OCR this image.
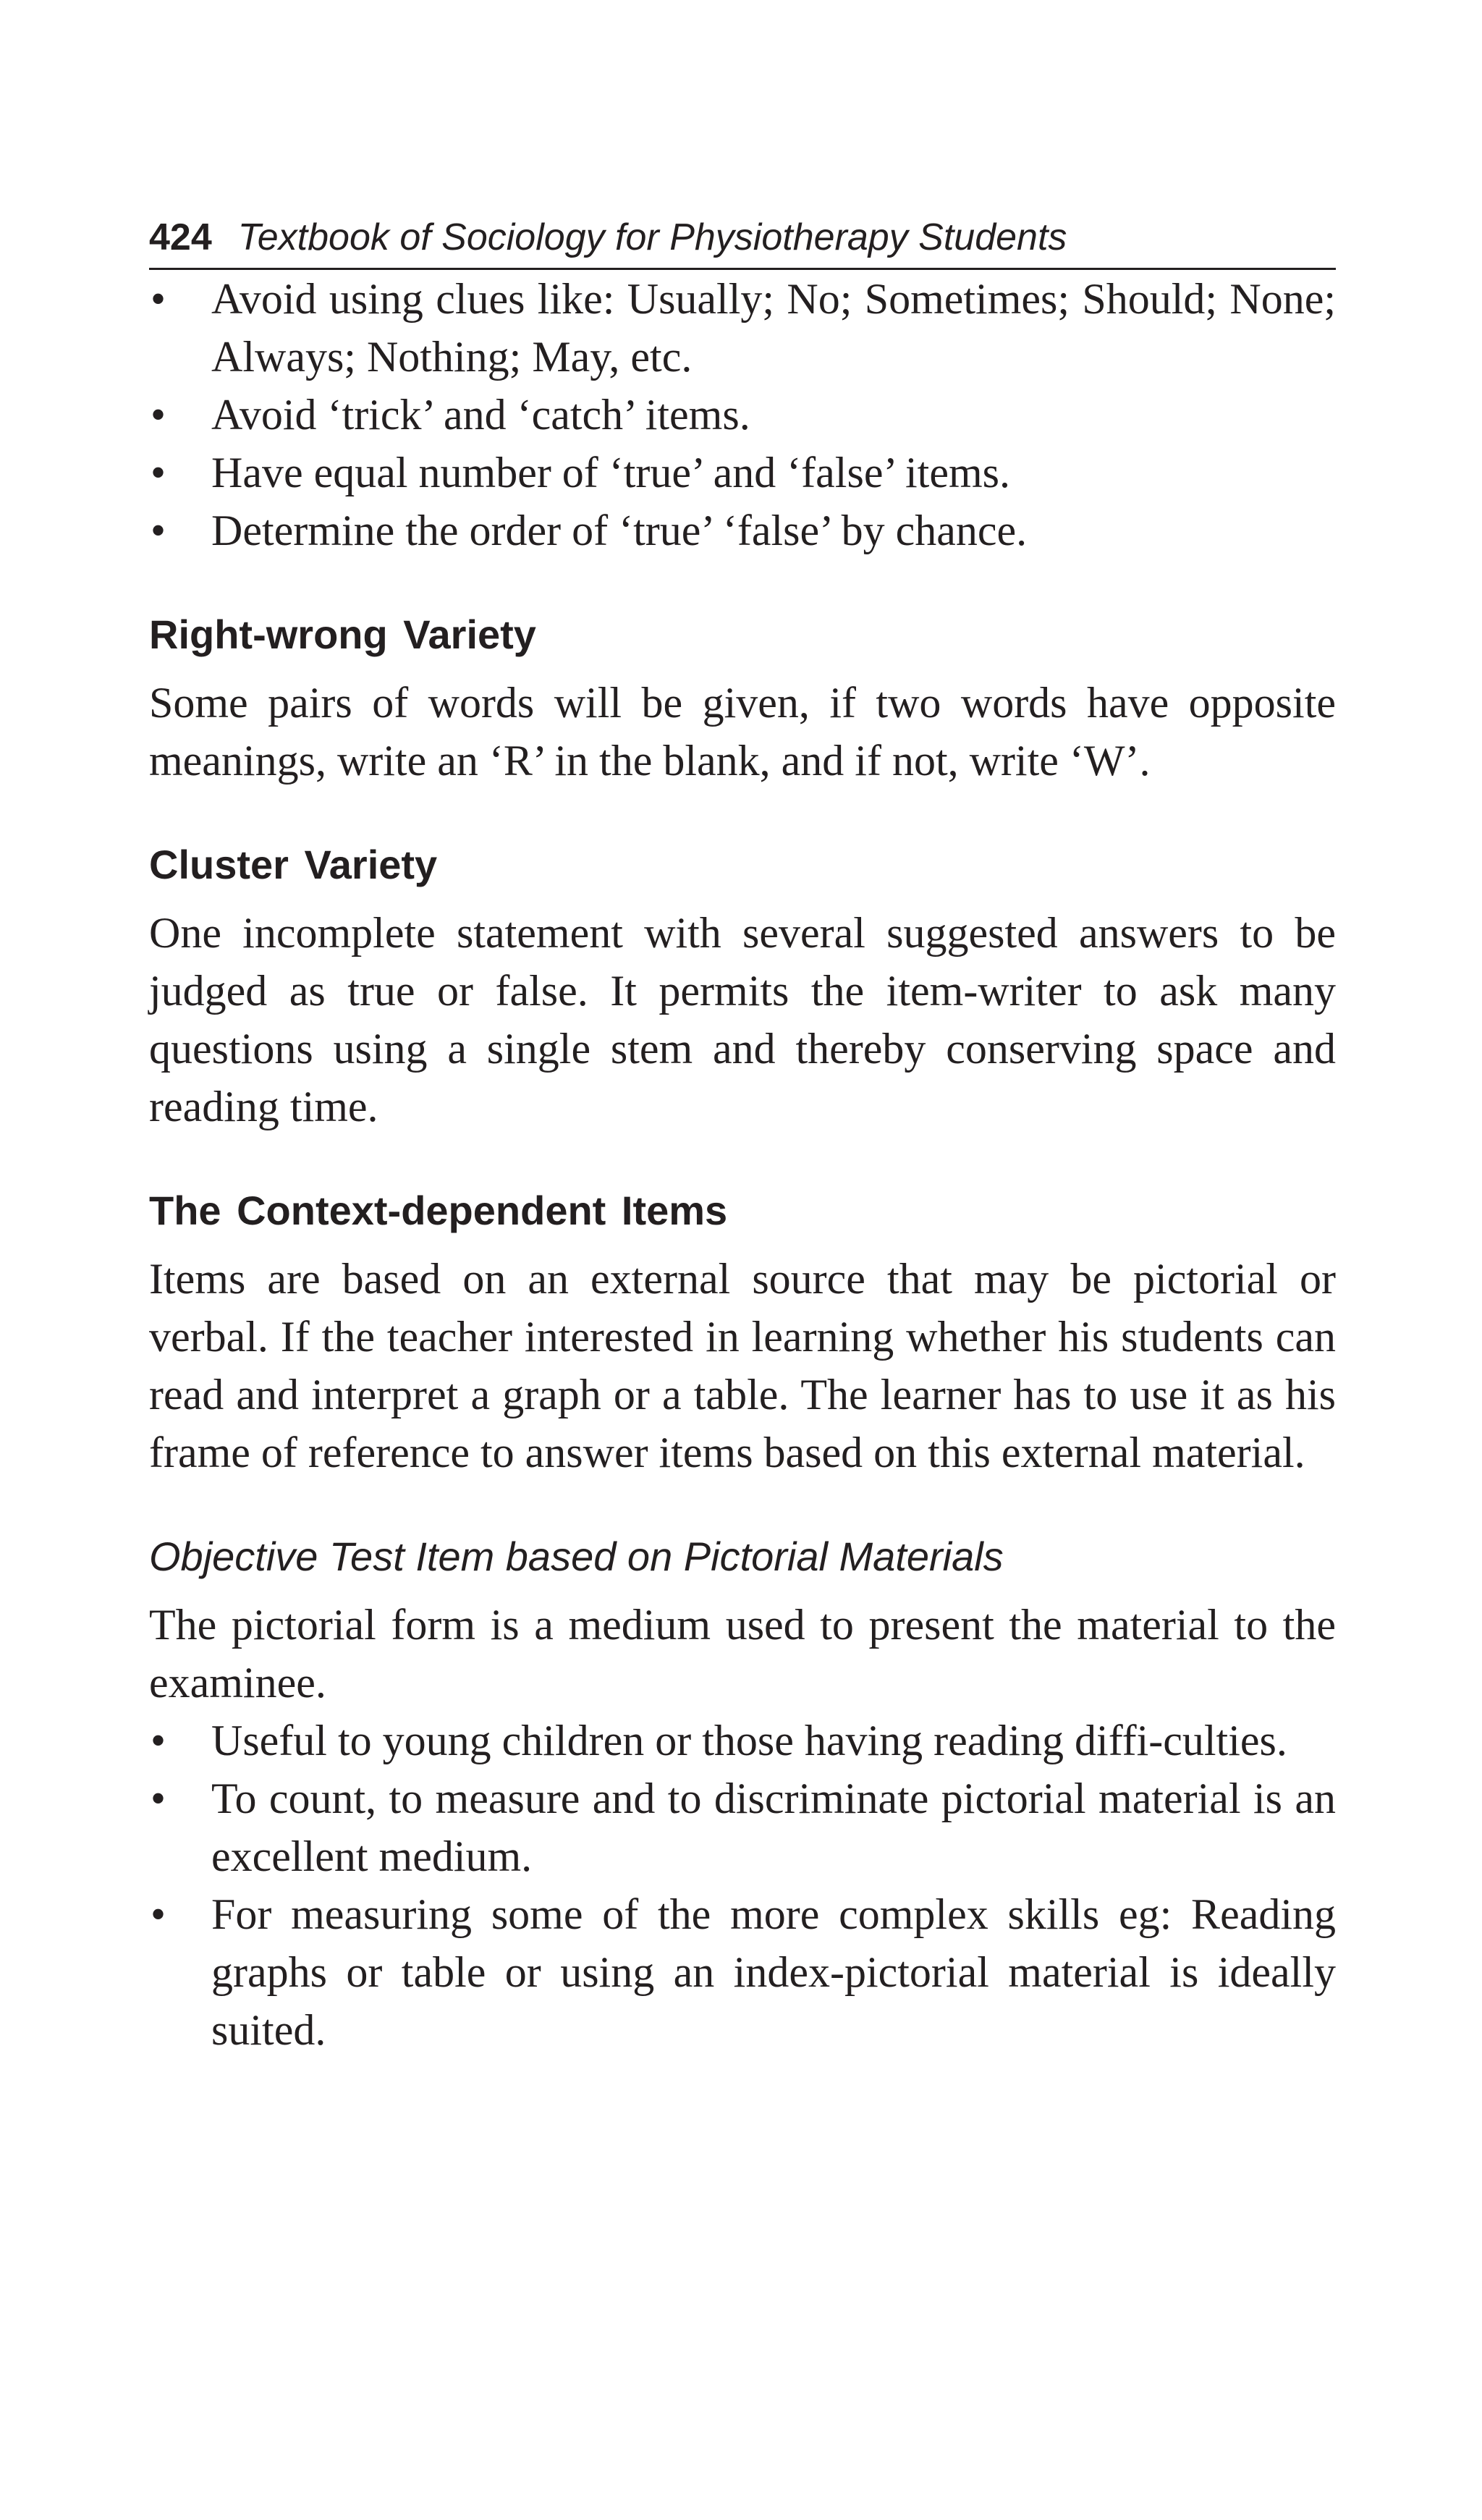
424 Textbook of Sociology for Physiotherapy Students
• Avoid using clues like: Usually; No; Sometimes; Should; None; Always; Nothing; May, etc.
• Avoid ‘trick’ and ‘catch’ items.
• Have equal number of ‘true’ and ‘false’ items.
• Determine the order of ‘true’ ‘false’ by chance.
Right-wrong Variety

Some pairs of words will be given, if two words have opposite meanings, write an ‘R’ in the blank, and if not, write ‘W’.

Cluster Variety

One incomplete statement with several suggested answers to be judged as true or false. It permits the item-writer to ask many questions using a single stem and thereby conserving space and reading time.

The Context-dependent Items

Items are based on an external source that may be pictorial or verbal. If the teacher interested in learning whether his students can read and interpret a graph or a table. The learner has to use it as his frame of reference to answer items based on this external material.

Objective Test Item based on Pictorial Materials

The pictorial form is a medium used to present the material to the examinee.

• Useful to young children or those having reading diffi-culties.
• To count, to measure and to discriminate pictorial material is an excellent medium.
• For measuring some of the more complex skills eg: Reading graphs or table or using an index-pictorial material is ideally suited.
